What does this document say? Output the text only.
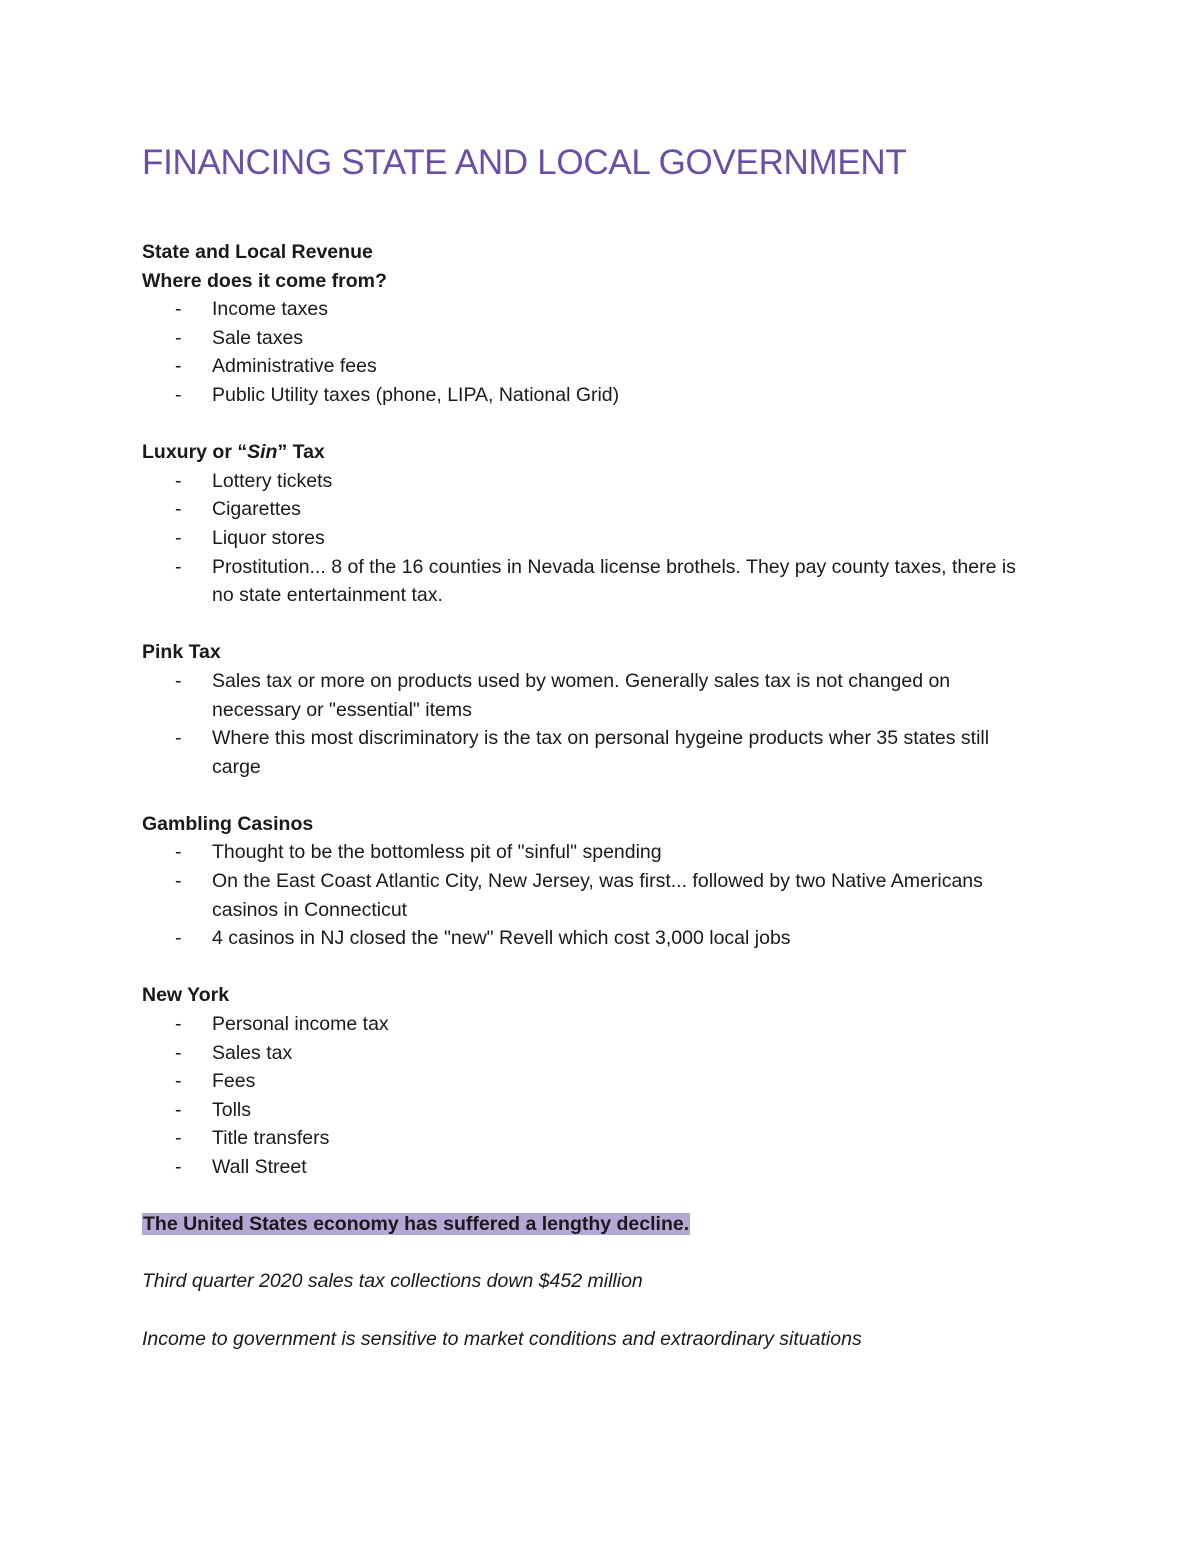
FINANCING STATE AND LOCAL GOVERNMENT

State and Local Revenue

Where does it come from?

- Income taxes
- Sale taxes
- Administrative fees
- Public Utility taxes (phone, LIPA, National Grid)

Luxury or “Sin” Tax

- Lottery tickets
- Cigarettes
- Liquor stores
- Prostitution... 8 of the 16 counties in Nevada license brothels. They pay county taxes, there is no state entertainment tax.

Pink Tax

- Sales tax or more on products used by women. Generally sales tax is not changed on necessary or "essential" items
- Where this most discriminatory is the tax on personal hygeine products wher 35 states still carge

Gambling Casinos

- Thought to be the bottomless pit of "sinful" spending
- On the East Coast Atlantic City, New Jersey, was first... followed by two Native Americans casinos in Connecticut
- 4 casinos in NJ closed the "new" Revell which cost 3,000 local jobs

New York

- Personal income tax
- Sales tax
- Fees
- Tolls
- Title transfers
- Wall Street

The United States economy has suffered a lengthy decline.

Third quarter 2020 sales tax collections down $452 million

Income to government is sensitive to market conditions and extraordinary situations
